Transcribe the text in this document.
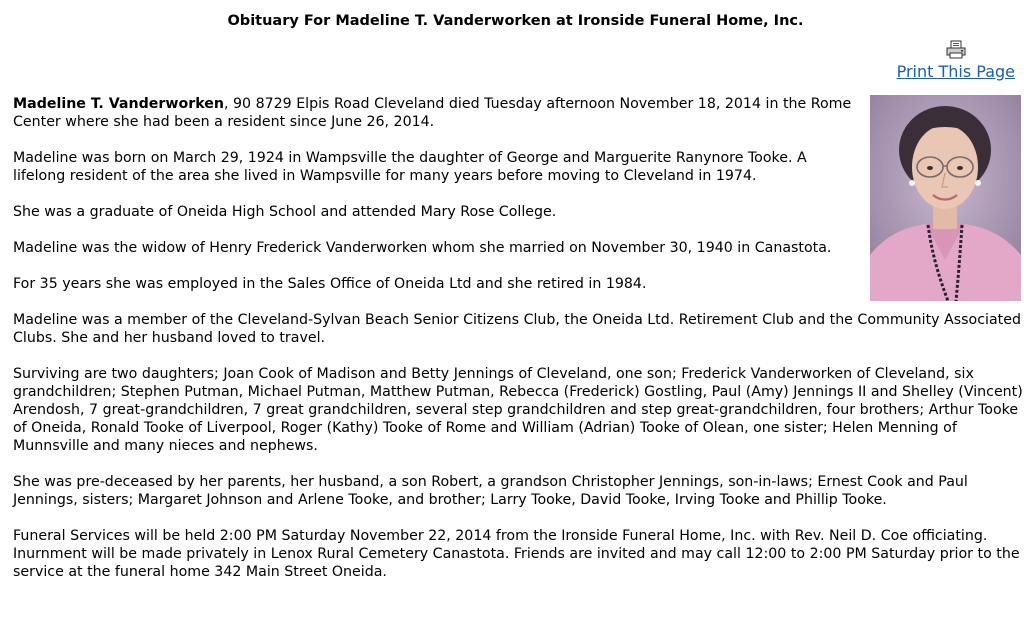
Obituary For Madeline T. Vanderworken at Ironside Funeral Home, Inc.
Print This Page

Madeline T. Vanderworken, 90 8729 Elpis Road Cleveland died Tuesday afternoon November 18, 2014 in the Rome Center where she had been a resident since June 26, 2014.

Madeline was born on March 29, 1924 in Wampsville the daughter of George and Marguerite Ranynore Tooke. A lifelong resident of the area she lived in Wampsville for many years before moving to Cleveland in 1974.

She was a graduate of Oneida High School and attended Mary Rose College.

Madeline was the widow of Henry Frederick Vanderworken whom she married on November 30, 1940 in Canastota.

For 35 years she was employed in the Sales Office of Oneida Ltd and she retired in 1984.

Madeline was a member of the Cleveland-Sylvan Beach Senior Citizens Club, the Oneida Ltd. Retirement Club and the Community Associated Clubs. She and her husband loved to travel.

Surviving are two daughters; Joan Cook of Madison and Betty Jennings of Cleveland, one son; Frederick Vanderworken of Cleveland, six grandchildren; Stephen Putman, Michael Putman, Matthew Putman, Rebecca (Frederick) Gostling, Paul (Amy) Jennings II and Shelley (Vincent) Arendosh, 7 great-grandchildren, 7 great grandchildren, several step grandchildren and step great-grandchildren, four brothers; Arthur Tooke of Oneida, Ronald Tooke of Liverpool, Roger (Kathy) Tooke of Rome and William (Adrian) Tooke of Olean, one sister; Helen Menning of Munnsville and many nieces and nephews.

She was pre-deceased by her parents, her husband, a son Robert, a grandson Christopher Jennings, son-in-laws; Ernest Cook and Paul Jennings, sisters; Margaret Johnson and Arlene Tooke, and brother; Larry Tooke, David Tooke, Irving Tooke and Phillip Tooke.

Funeral Services will be held 2:00 PM Saturday November 22, 2014 from the Ironside Funeral Home, Inc. with Rev. Neil D. Coe officiating. Inurnment will be made privately in Lenox Rural Cemetery Canastota. Friends are invited and may call 12:00 to 2:00 PM Saturday prior to the service at the funeral home 342 Main Street Oneida.
